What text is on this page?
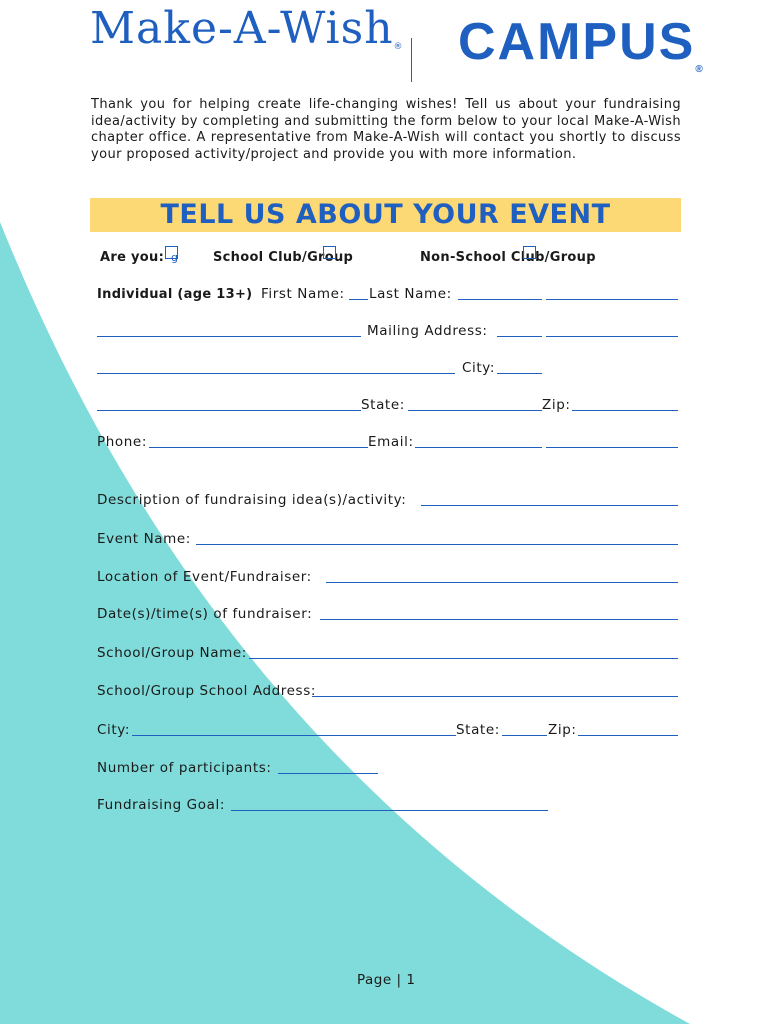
Make-A-Wish® CAMPUS®
Thank you for helping create life-changing wishes! Tell us about your fundraising idea/activity by completing and submitting the form below to your local Make-A-Wish chapter office. A representative from Make-A-Wish will contact you shortly to discuss your proposed activity/project and provide you with more information.
TELL US ABOUT YOUR EVENT
Are you: g	School Club/Group	Non-School Club/Group
Individual (age 13+) First Name: Last Name:
Mailing Address:
City:
State:	Zip:
Phone:	Email:
Description of fundraising idea(s)/activity:
Event Name:
Location of Event/Fundraiser:
Date(s)/time(s) of fundraiser:
School/Group Name:
School/Group School Address:
City:	State:	Zip:
Number of participants:
Fundraising Goal:
Page | 1
